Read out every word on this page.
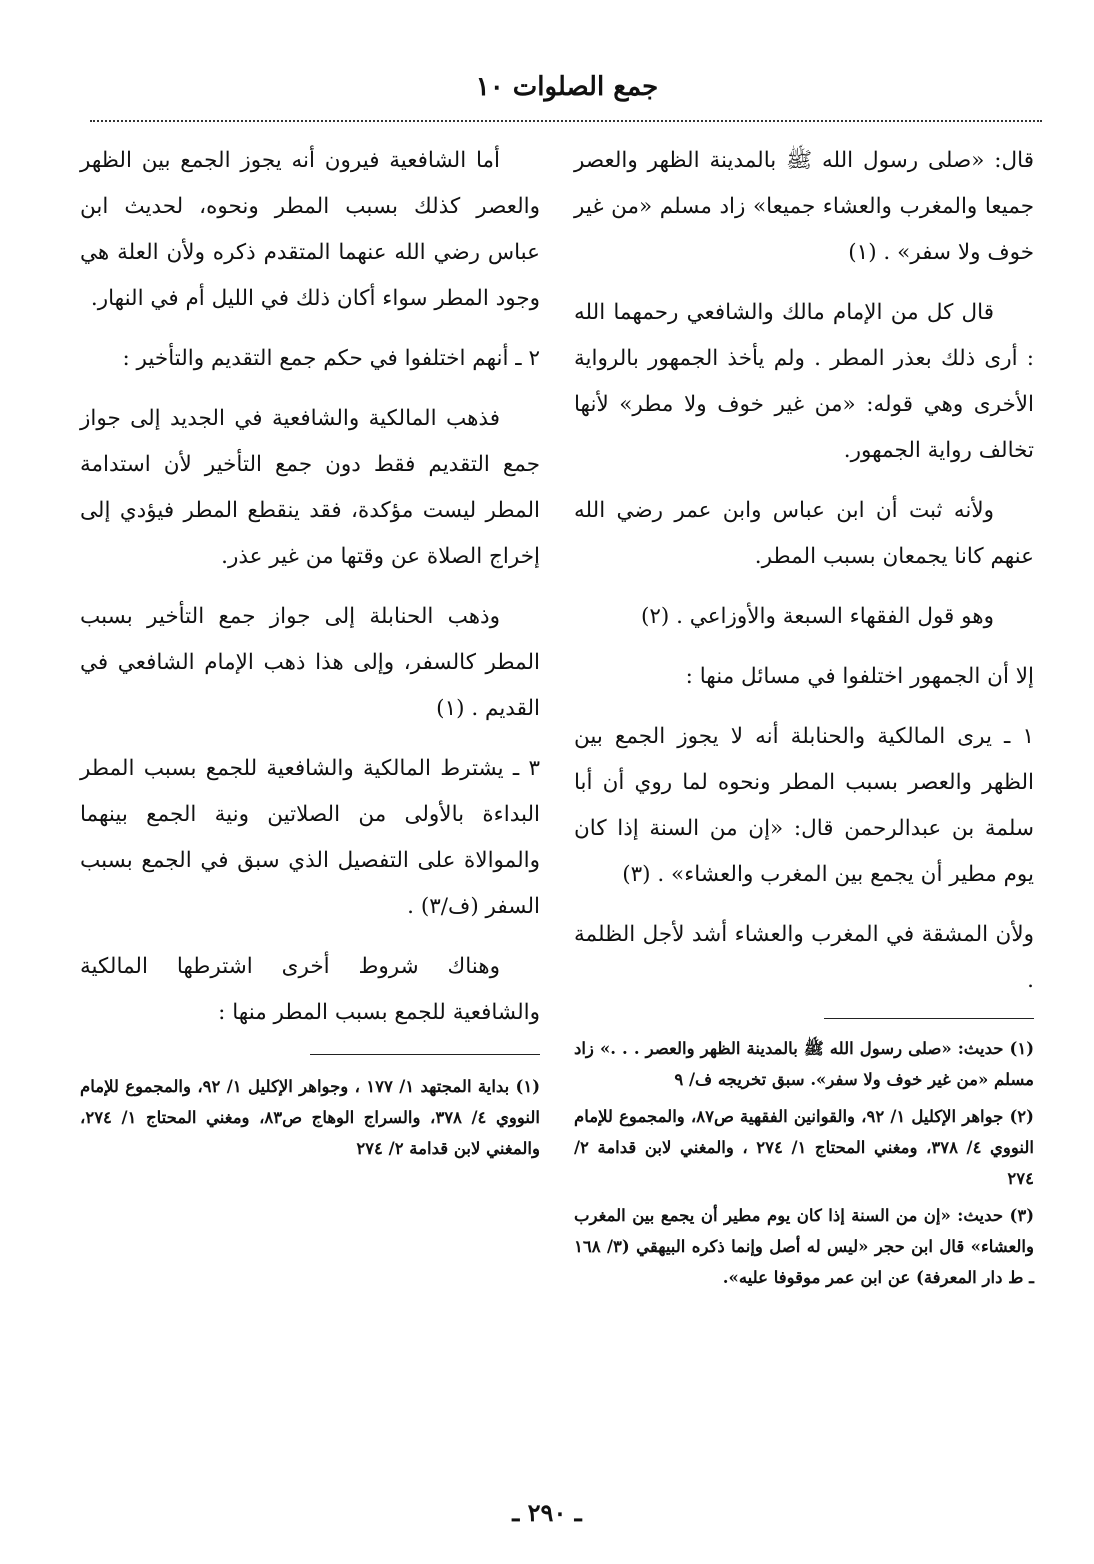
جمع الصلوات ١٠

قال: «صلى رسول الله ﷺ بالمدينة الظهر والعصر جميعا والمغرب والعشاء جميعا» زاد مسلم «من غير خوف ولا سفر» . (١)

قال كل من الإمام مالك والشافعي رحمهما الله : أرى ذلك بعذر المطر . ولم يأخذ الجمهور بالرواية الأخرى وهي قوله: «من غير خوف ولا مطر» لأنها تخالف رواية الجمهور.

ولأنه ثبت أن ابن عباس وابن عمر رضي الله عنهم كانا يجمعان بسبب المطر.

وهو قول الفقهاء السبعة والأوزاعي . (٢)

إلا أن الجمهور اختلفوا في مسائل منها :

١ ـ يرى المالكية والحنابلة أنه لا يجوز الجمع بين الظهر والعصر بسبب المطر ونحوه لما روي أن أبا سلمة بن عبدالرحمن قال: «إن من السنة إذا كان يوم مطير أن يجمع بين المغرب والعشاء» . (٣)

ولأن المشقة في المغرب والعشاء أشد لأجل الظلمة .

(١) حديث: «صلى رسول الله ﷺ بالمدينة الظهر والعصر . . .» زاد مسلم «من غير خوف ولا سفر». سبق تخريجه ف/ ٩

(٢) جواهر الإكليل ١/ ٩٢، والقوانين الفقهية ص٨٧، والمجموع للإمام النووي ٤/ ٣٧٨، ومغني المحتاج ١/ ٢٧٤ ، والمغني لابن قدامة ٢/ ٢٧٤

(٣) حديث: «إن من السنة إذا كان يوم مطير أن يجمع بين المغرب والعشاء» قال ابن حجر «ليس له أصل وإنما ذكره البيهقي (٣/ ١٦٨ ـ ط دار المعرفة) عن ابن عمر موقوفا عليه».

أما الشافعية فيرون أنه يجوز الجمع بين الظهر والعصر كذلك بسبب المطر ونحوه، لحديث ابن عباس رضي الله عنهما المتقدم ذكره ولأن العلة هي وجود المطر سواء أكان ذلك في الليل أم في النهار.

٢ ـ أنهم اختلفوا في حكم جمع التقديم والتأخير :

فذهب المالكية والشافعية في الجديد إلى جواز جمع التقديم فقط دون جمع التأخير لأن استدامة المطر ليست مؤكدة، فقد ينقطع المطر فيؤدي إلى إخراج الصلاة عن وقتها من غير عذر.

وذهب الحنابلة إلى جواز جمع التأخير بسبب المطر كالسفر، وإلى هذا ذهب الإمام الشافعي في القديم . (١)

٣ ـ يشترط المالكية والشافعية للجمع بسبب المطر البداءة بالأولى من الصلاتين ونية الجمع بينهما والموالاة على التفصيل الذي سبق في الجمع بسبب السفر (ف/٣) .

وهناك شروط أخرى اشترطها المالكية والشافعية للجمع بسبب المطر منها :

(١) بداية المجتهد ١/ ١٧٧ ، وجواهر الإكليل ١/ ٩٢، والمجموع للإمام النووي ٤/ ٣٧٨، والسراج الوهاج ص٨٣، ومغني المحتاج ١/ ٢٧٤، والمغني لابن قدامة ٢/ ٢٧٤

ـ ٢٩٠ ـ
